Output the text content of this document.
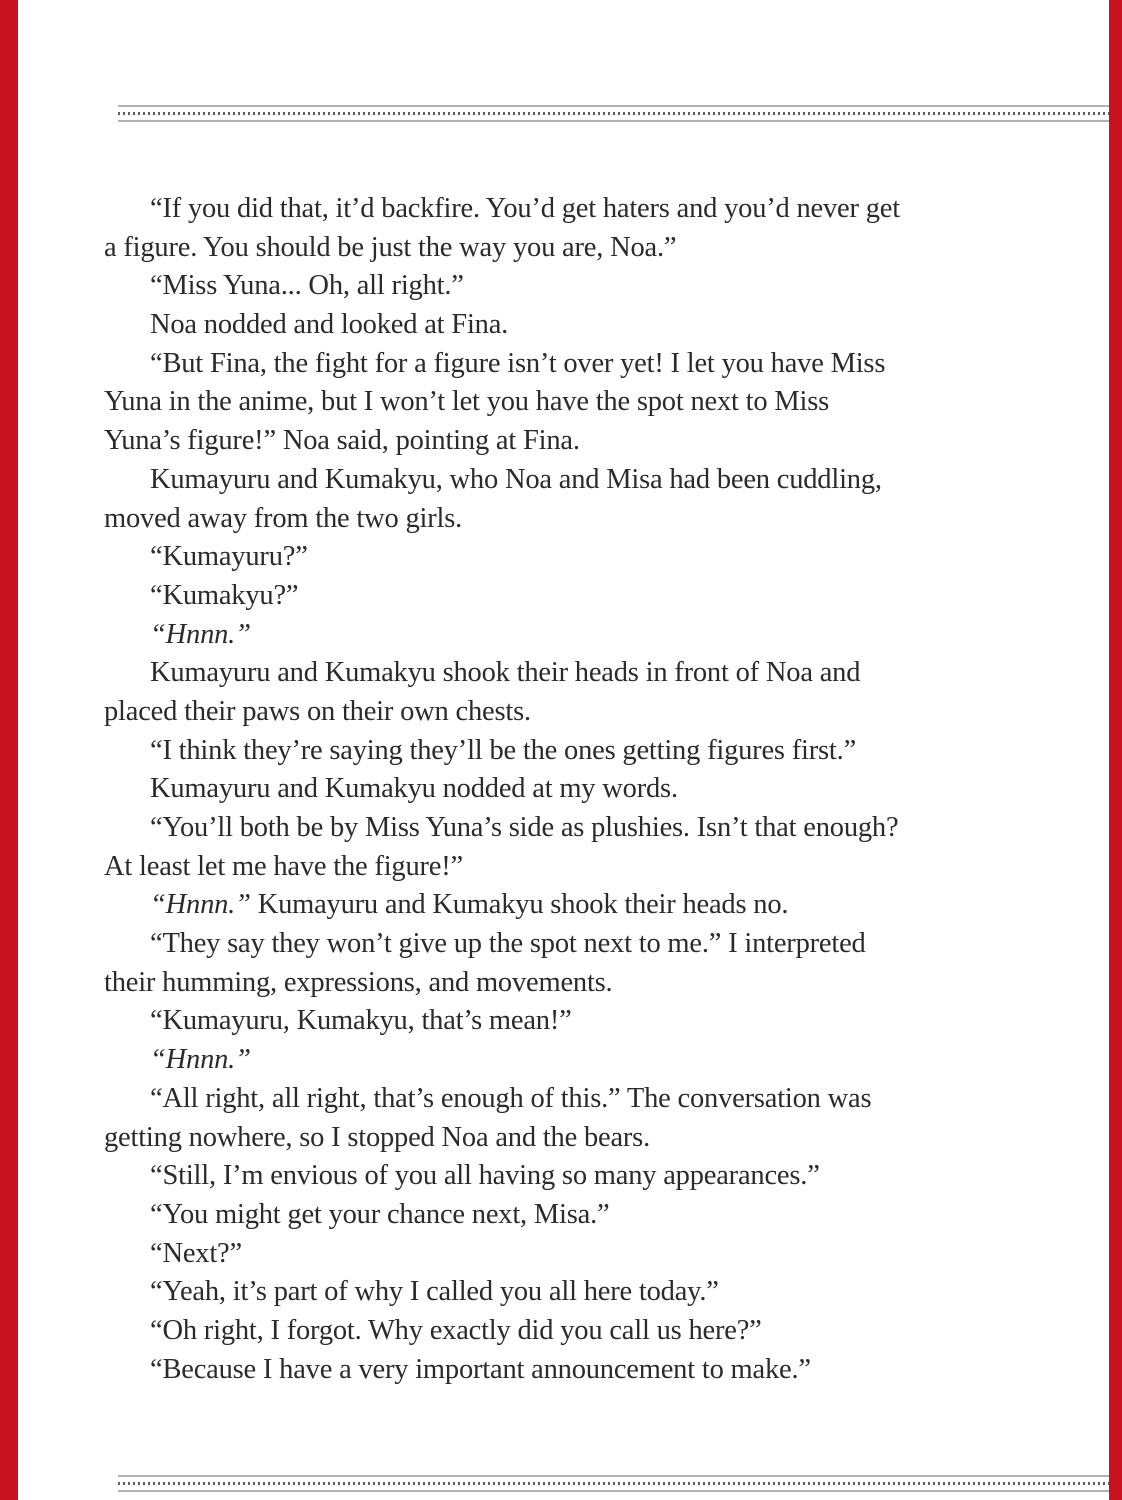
“If you did that, it’d backfire. You’d get haters and you’d never get
a figure. You should be just the way you are, Noa.”
“Miss Yuna... Oh, all right.”
Noa nodded and looked at Fina.
“But Fina, the fight for a figure isn’t over yet! I let you have Miss
Yuna in the anime, but I won’t let you have the spot next to Miss
Yuna’s figure!” Noa said, pointing at Fina.
Kumayuru and Kumakyu, who Noa and Misa had been cuddling,
moved away from the two girls.
“Kumayuru?”
“Kumakyu?”
“Hnnn.”
Kumayuru and Kumakyu shook their heads in front of Noa and
placed their paws on their own chests.
“I think they’re saying they’ll be the ones getting figures first.”
Kumayuru and Kumakyu nodded at my words.
“You’ll both be by Miss Yuna’s side as plushies. Isn’t that enough?
At least let me have the figure!”
“Hnnn.” Kumayuru and Kumakyu shook their heads no.
“They say they won’t give up the spot next to me.” I interpreted
their humming, expressions, and movements.
“Kumayuru, Kumakyu, that’s mean!”
“Hnnn.”
“All right, all right, that’s enough of this.” The conversation was
getting nowhere, so I stopped Noa and the bears.
“Still, I’m envious of you all having so many appearances.”
“You might get your chance next, Misa.”
“Next?”
“Yeah, it’s part of why I called you all here today.”
“Oh right, I forgot. Why exactly did you call us here?”
“Because I have a very important announcement to make.”
